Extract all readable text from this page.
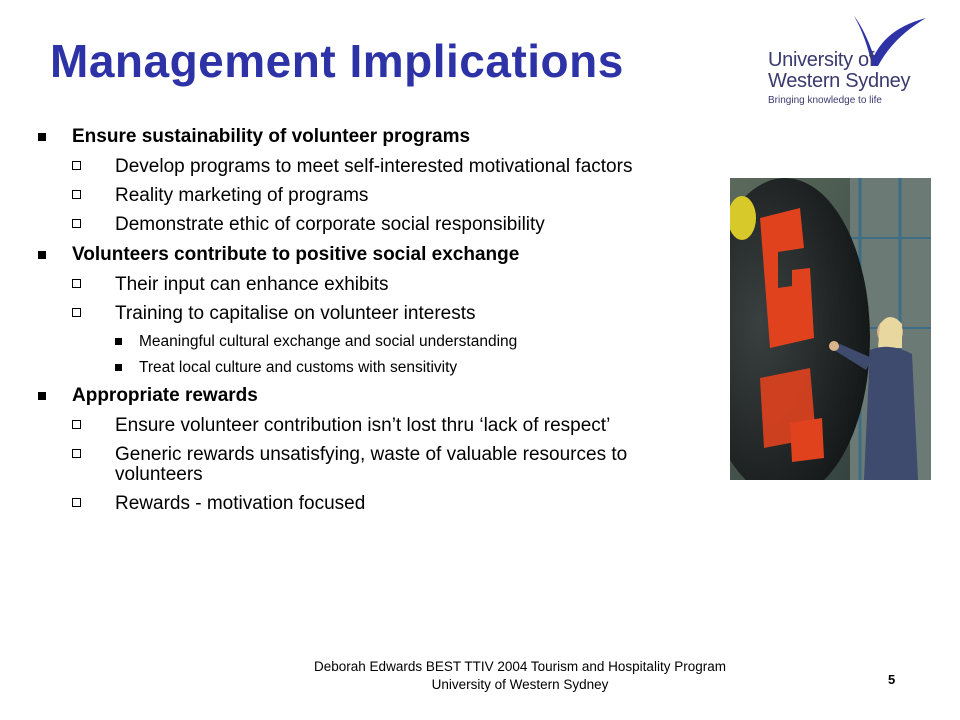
Management Implications	University of
Western Sydney
Bringing knowledge to life
Ensure sustainability of volunteer programs
Develop programs to meet self-interested motivational factors
Reality marketing of programs
Demonstrate ethic of corporate social responsibility
Volunteers contribute to positive social exchange
Their input can enhance exhibits
Training to capitalise on volunteer interests
Meaningful cultural exchange and social understanding
Treat local culture and customs with sensitivity
Appropriate rewards
Ensure volunteer contribution isn’t lost thru ‘lack of respect’
Generic rewards unsatisfying, waste of valuable resources to volunteers
Rewards - motivation focused
Deborah Edwards BEST TTIV 2004 Tourism and Hospitality Program
University of Western Sydney	5
